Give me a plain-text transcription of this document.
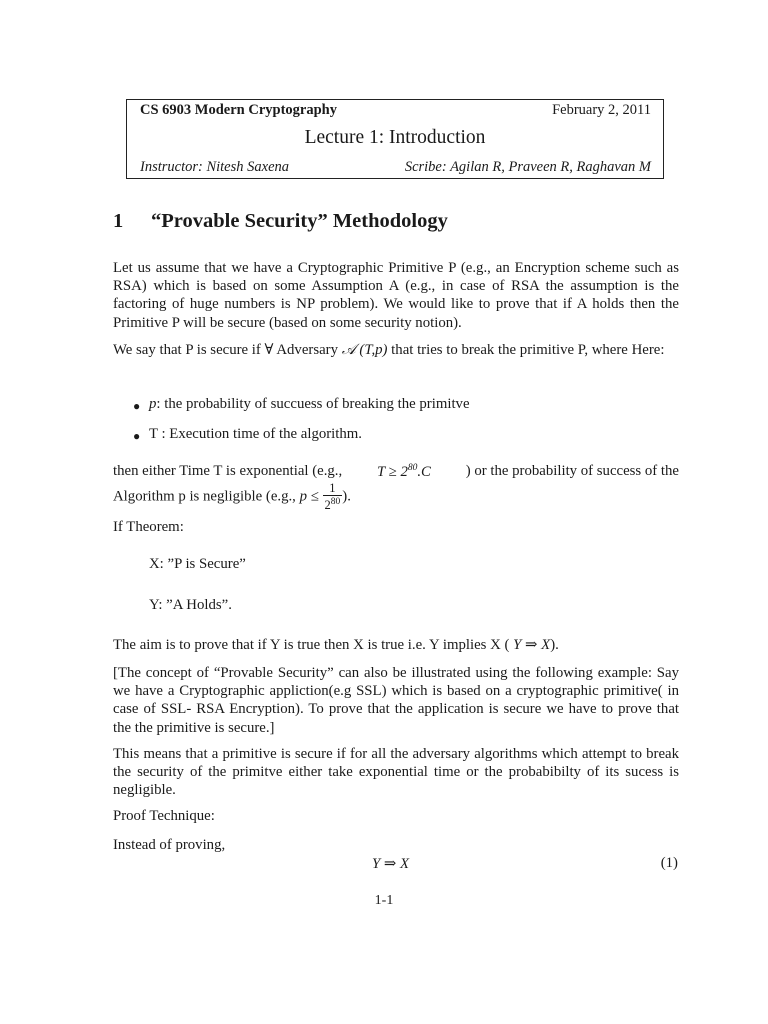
CS 6903 Modern Cryptography	February 2, 2011
Lecture 1: Introduction
Instructor: Nitesh Saxena	Scribe: Agilan R, Praveen R, Raghavan M
1 “Provable Security” Methodology
Let us assume that we have a Cryptographic Primitive P (e.g., an Encryption scheme such as RSA) which is based on some Assumption A (e.g., in case of RSA the assumption is the factoring of huge numbers is NP problem). We would like to prove that if A holds then the Primitive P will be secure (based on some security notion).
We say that P is secure if ∀ Adversary 𝒜 (T,p) that tries to break the primitive P, where Here:
● p: the probability of succuess of breaking the primitve
● T : Execution time of the algorithm.
then either Time T is exponential (e.g., $T \ge 2^{80}.C$ ) or the probability of success of the
Algorithm p is negligible (e.g., $p \le \frac{1}{2^{80}}$ ).
If Theorem:
X: ”P is Secure”
Y: ”A Holds”.
The aim is to prove that if Y is true then X is true i.e. Y implies X ( Y ⇒ X).
[The concept of “Provable Security” can also be illustrated using the following example: Say we have a Cryptographic appliction(e.g SSL) which is based on a cryptographic primitive( in case of SSL- RSA Encryption). To prove that the application is secure we have to prove that the the primitive is secure.]
This means that a primitive is secure if for all the adversary algorithms which attempt to break the security of the primitve either take exponential time or the probabibilty of its sucess is negligible.
Proof Technique:
Instead of proving,
Y ⇒ X	(1)
1-1
